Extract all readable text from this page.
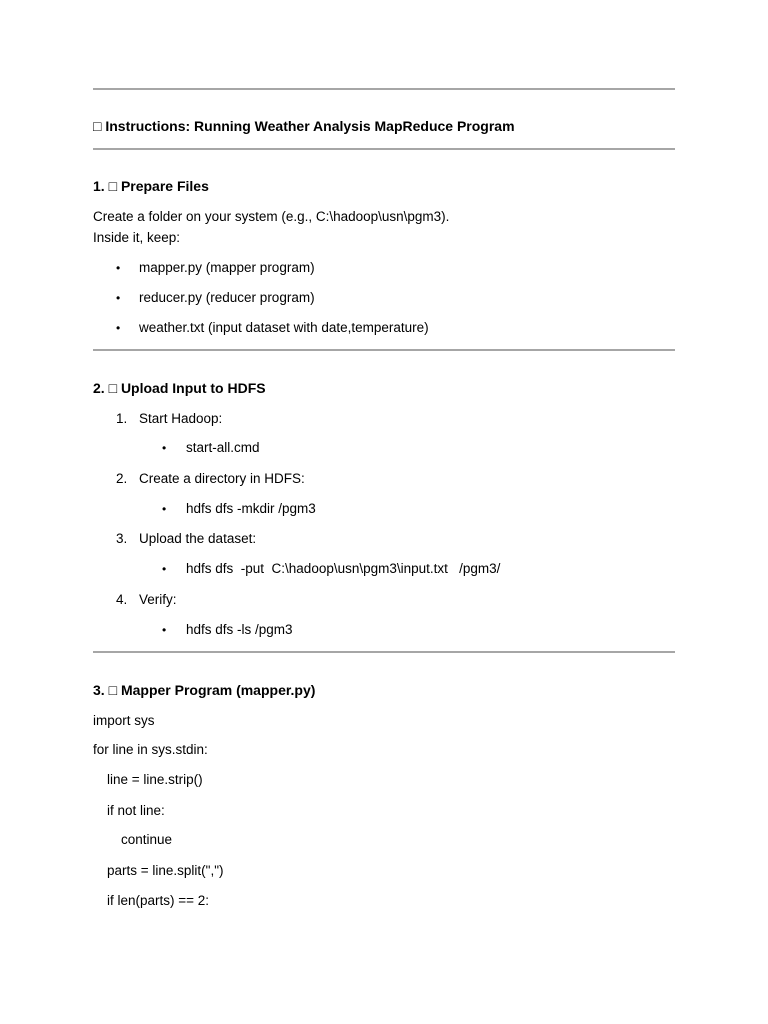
□ Instructions: Running Weather Analysis MapReduce Program
1. □ Prepare Files
Create a folder on your system (e.g., C:\hadoop\usn\pgm3).
Inside it, keep:
• mapper.py (mapper program)
• reducer.py (reducer program)
• weather.txt (input dataset with date,temperature)
2. □ Upload Input to HDFS
1. Start Hadoop:
• start-all.cmd
2. Create a directory in HDFS:
• hdfs dfs -mkdir /pgm3
3. Upload the dataset:
• hdfs dfs  -put  C:\hadoop\usn\pgm3\input.txt   /pgm3/
4. Verify:
• hdfs dfs -ls /pgm3
3. □ Mapper Program (mapper.py)
import sys
for line in sys.stdin:
line = line.strip()
if not line:
continue
parts = line.split(",")
if len(parts) == 2:
